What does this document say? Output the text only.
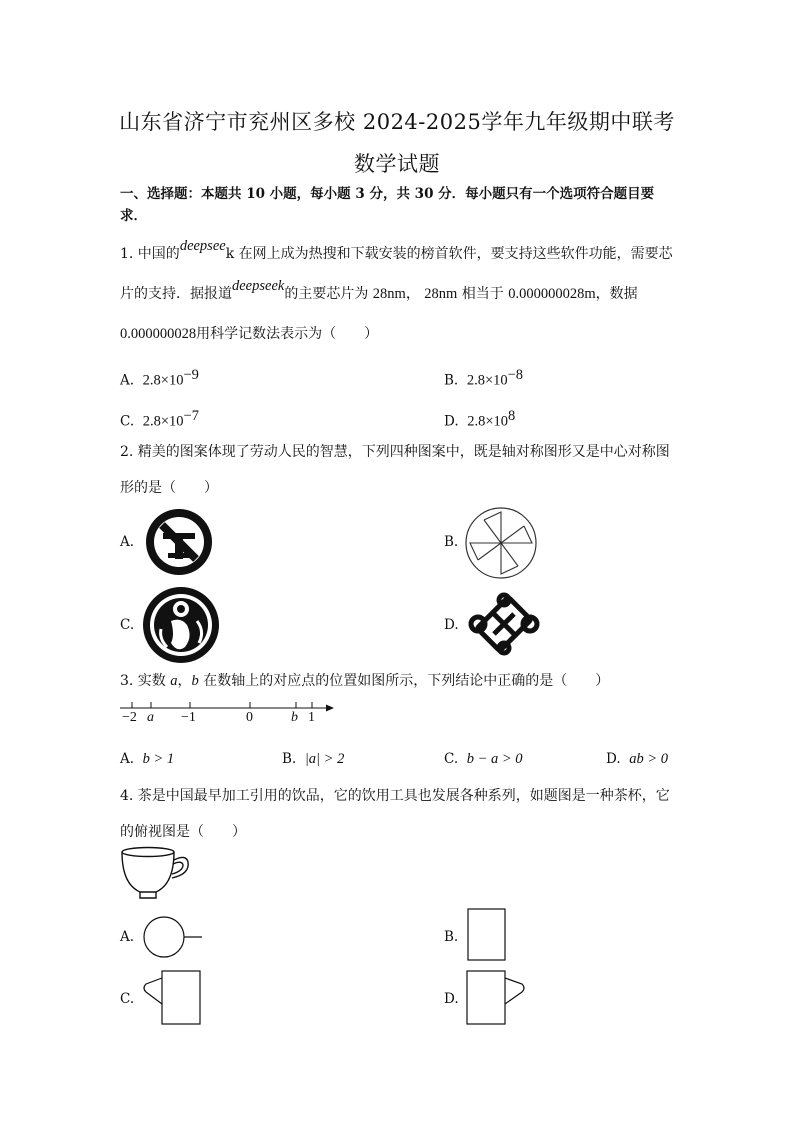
山东省济宁市兖州区多校 2024-2025学年九年级期中联考
数学试题
一、选择题：本题共 10 小题，每小题 3 分，共 30 分．每小题只有一个选项符合题目要
求．
1. 中国的deepseek 在网上成为热搜和下载安装的榜首软件，要支持这些软件功能，需要芯
片的支持．据报道deepseek的主要芯片为 28nm， 28nm 相当于 0.000000028m，数据
0.000000028用科学记数法表示为（　　）
A. $2.8\times 10^{-9}$	B. $2.8\times 10^{-8}$
C. $2.8\times 10^{-7}$	D. $2.8\times 10^8$
2. 精美的图案体现了劳动人民的智慧，下列四种图案中，既是轴对称图形又是中心对称图
形的是（　　）
A.	B.
C.	D.
3. 实数 a，b 在数轴上的对应点的位置如图所示，下列结论中正确的是（　　）
−2 a −1	0	b 1
A. b > 1	B. |a| > 2	C. b − a > 0	D. ab > 0
4. 茶是中国最早加工引用的饮品，它的饮用工具也发展各种系列，如题图是一种茶杯，它
的俯视图是（　　）
A.	B.
C.	D.
